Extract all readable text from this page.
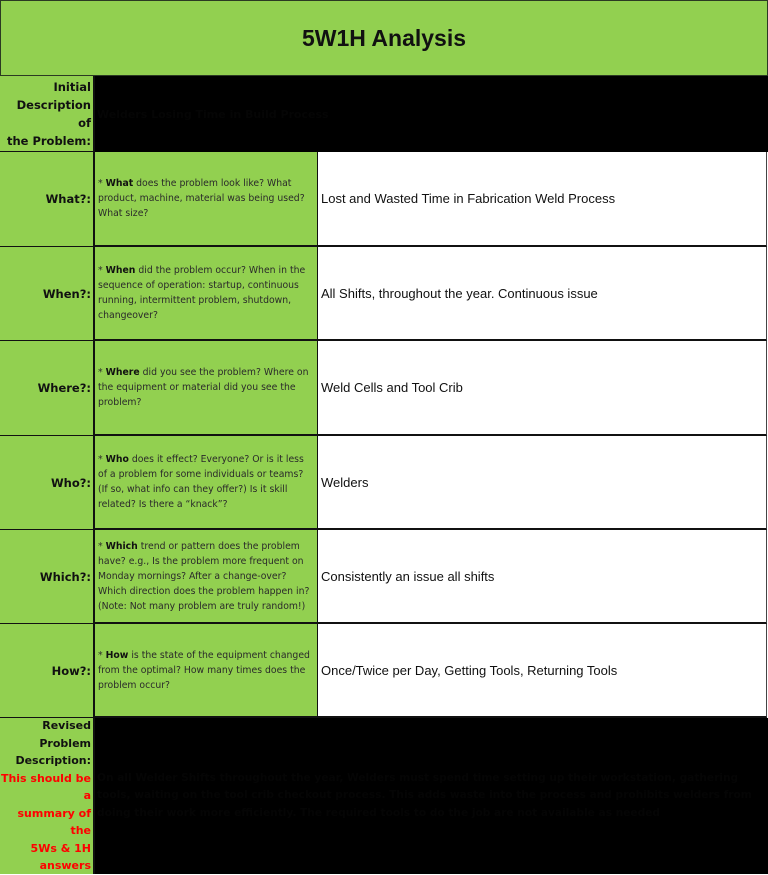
5W1H Analysis
Initial
Description of
the Problem:
Welders Losing Time in Build Process
What?:
* What does the problem look like? What product, machine, material was being used? What size?
Lost and Wasted Time in Fabrication Weld Process
When?:
* When did the problem occur? When in the sequence of operation: startup, continuous running, intermittent problem, shutdown, changeover?
All Shifts, throughout the year. Continuous issue
Where?:
* Where did you see the problem? Where on the equipment or material did you see the problem?
Weld Cells and Tool Crib
Who?:
* Who does it effect? Everyone? Or is it less of a problem for some individuals or teams? (If so, what info can they offer?) Is it skill related? Is there a “knack”?
Welders
Which?:
* Which trend or pattern does the problem have? e.g., Is the problem more frequent on Monday mornings? After a change-over? Which direction does the problem happen in? (Note: Not many problem are truly random!)
Consistently an issue all shifts
How?:
* How is the state of the equipment changed from the optimal? How many times does the problem occur?
Once/Twice per Day, Getting Tools, Returning Tools
Revised
Problem
Description:
This should be a
summary of the
5Ws & 1H
answers
On all Welder Shifts throughout the year, Welders must spend time setting up their workstation, gathering tools, waiting on the tool crib checkout process. This adds waste into the process and prohibits welders from doing their work more efficiently. The required tools to do the job are not available as needed
